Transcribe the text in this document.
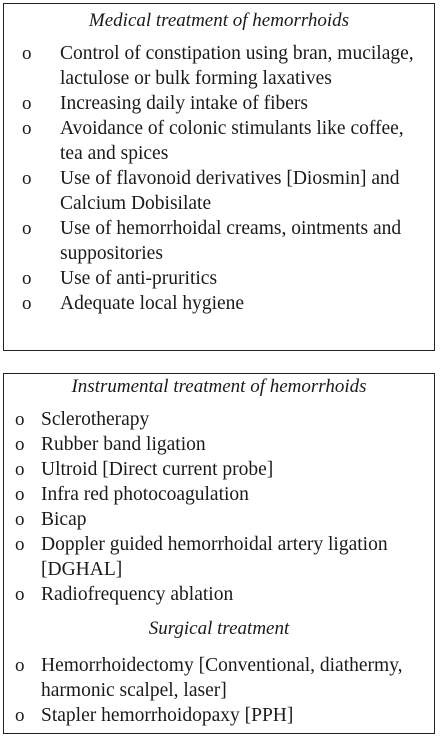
Medical treatment of hemorrhoids

o	Control of constipation using bran, mucilage, lactulose or bulk forming laxatives
o	Increasing daily intake of fibers
o	Avoidance of colonic stimulants like coffee, tea and spices
o	Use of flavonoid derivatives [Diosmin] and Calcium Dobisilate
o	Use of hemorrhoidal creams, ointments and suppositories
o	Use of anti-pruritics
o	Adequate local hygiene

Instrumental treatment of hemorrhoids

o Sclerotherapy
o Rubber band ligation
o Ultroid [Direct current probe]
o Infra red photocoagulation
o Bicap
o Doppler guided hemorrhoidal artery ligation [DGHAL]
o Radiofrequency ablation

Surgical treatment

o Hemorrhoidectomy [Conventional, diathermy, harmonic scalpel, laser]
o Stapler hemorrhoidopaxy [PPH]
